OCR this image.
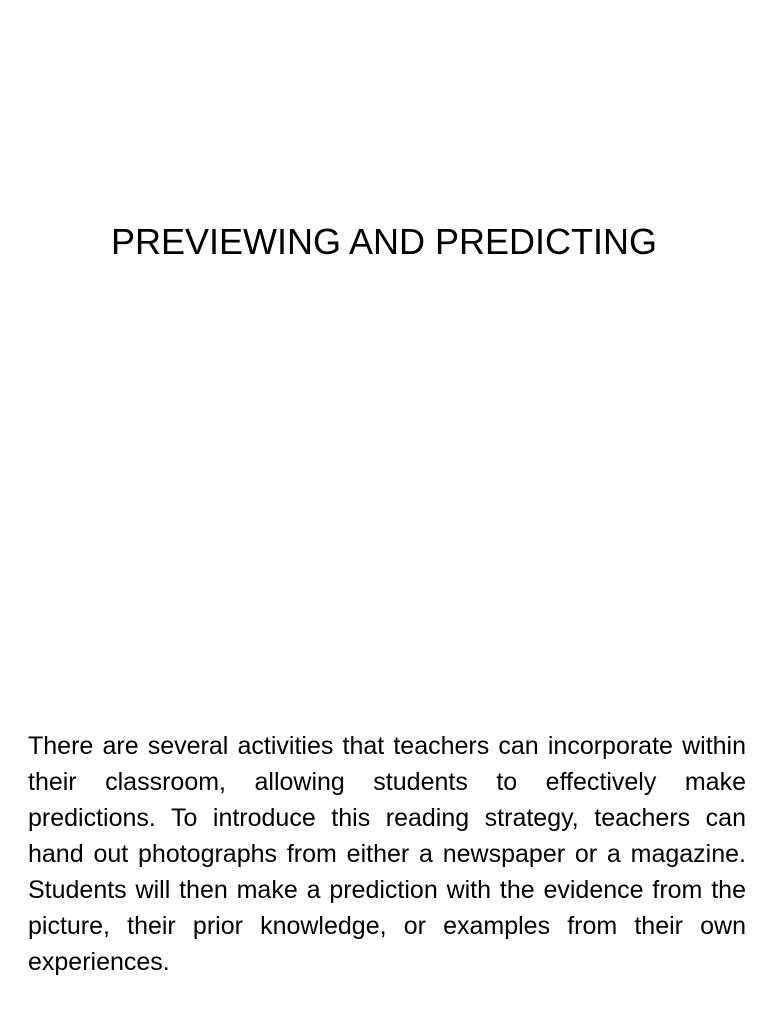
PREVIEWING AND PREDICTING
There are several activities that teachers can incorporate within their classroom, allowing students to effectively make predictions. To introduce this reading strategy, teachers can hand out photographs from either a newspaper or a magazine. Students will then make a prediction with the evidence from the picture, their prior knowledge, or examples from their own experiences.
